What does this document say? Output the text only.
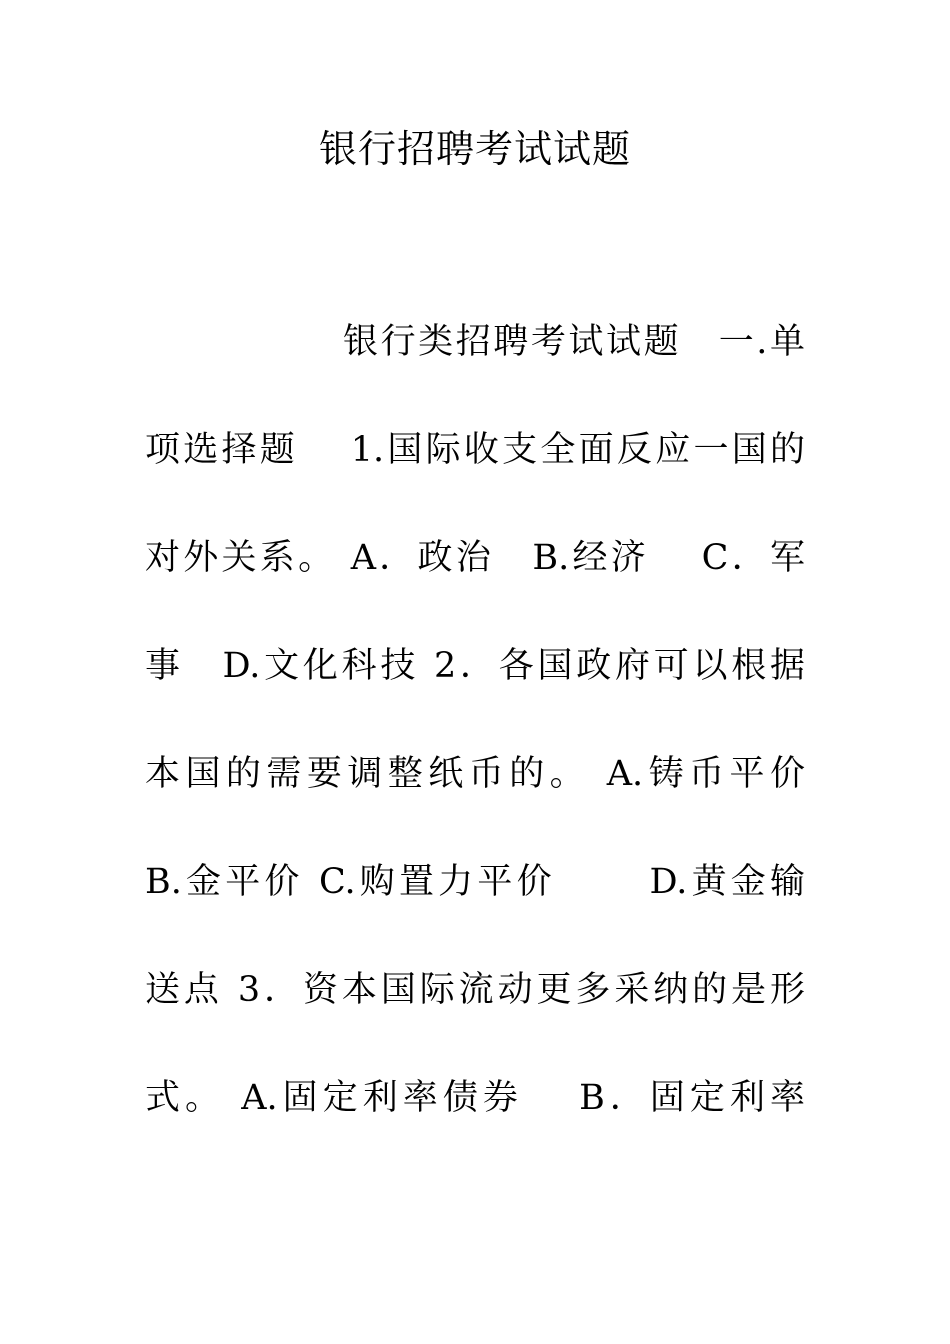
银行招聘考试试题
银行类招聘考试试题　一.单
项选择题　 1.国际收支全面反应一国的
对外关系。 A．政治　B.经济　 C．军
事　D.文化科技 2．各国政府可以根据
本国的需要调整纸币的。 A.铸币平价
B.金平价 C.购置力平价　　 D.黄金输
送点 3．资本国际流动更多采纳的是形
式。 A.固定利率债券　 B．固定利率
